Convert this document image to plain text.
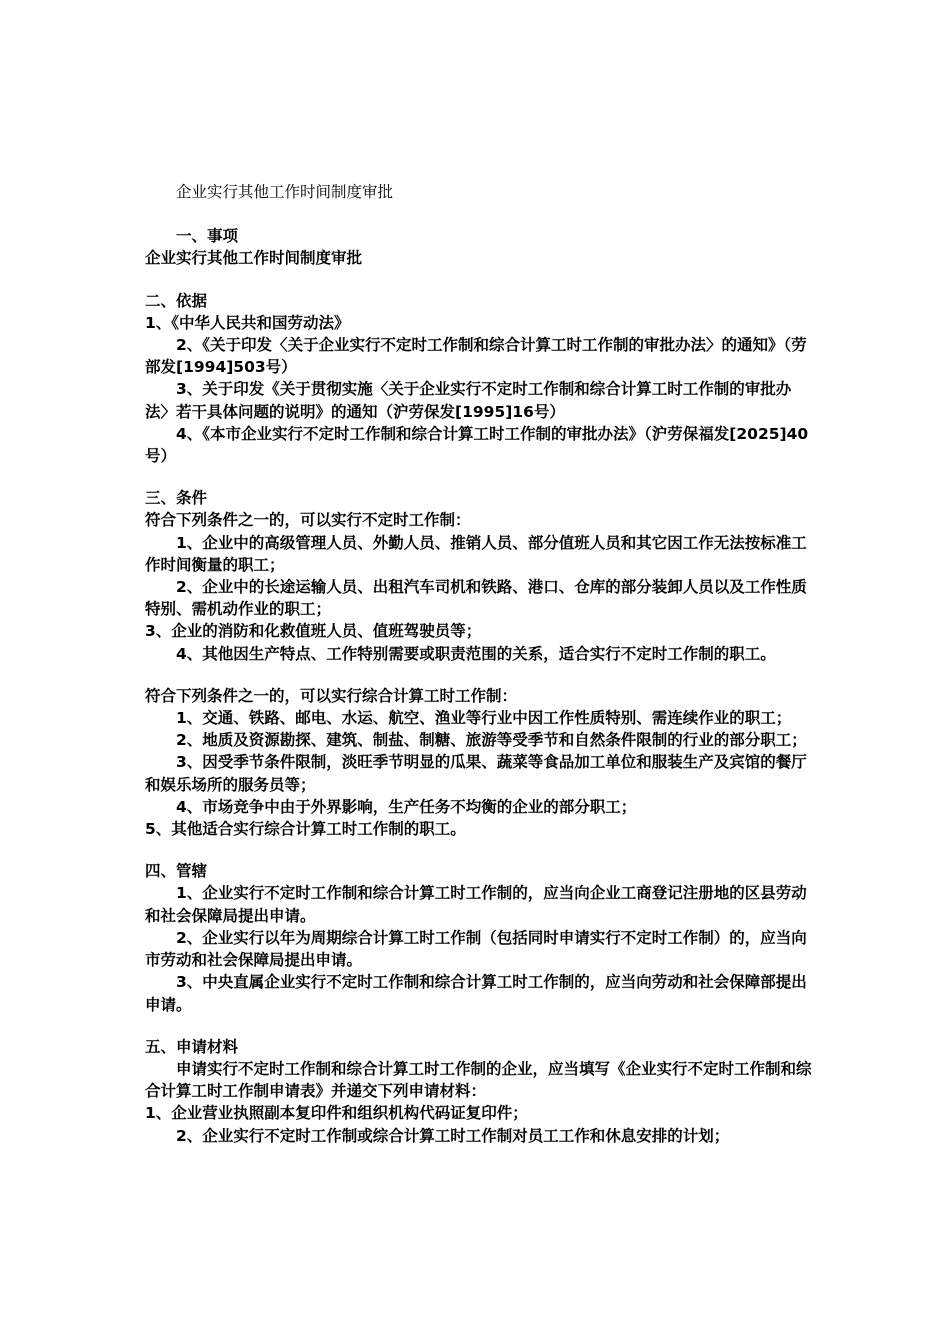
企业实行其他工作时间制度审批

一、事项

企业实行其他工作时间制度审批

二、依据

1、《中华人民共和国劳动法》

2、《关于印发〈关于企业实行不定时工作制和综合计算工时工作制的审批办法〉的通知》（劳部发[1994]503号）

3、关于印发《关于贯彻实施〈关于企业实行不定时工作制和综合计算工时工作制的审批办法〉若干具体问题的说明》的通知（沪劳保发[1995]16号）

4、《本市企业实行不定时工作制和综合计算工时工作制的审批办法》（沪劳保福发[2025]40号）

三、条件

符合下列条件之一的，可以实行不定时工作制：

1、企业中的高级管理人员、外勤人员、推销人员、部分值班人员和其它因工作无法按标准工作时间衡量的职工；

2、企业中的长途运输人员、出租汽车司机和铁路、港口、仓库的部分装卸人员以及工作性质特别、需机动作业的职工；

3、企业的消防和化救值班人员、值班驾驶员等；

4、其他因生产特点、工作特别需要或职责范围的关系，适合实行不定时工作制的职工。

符合下列条件之一的，可以实行综合计算工时工作制：

1、交通、铁路、邮电、水运、航空、渔业等行业中因工作性质特别、需连续作业的职工；

2、地质及资源勘探、建筑、制盐、制糖、旅游等受季节和自然条件限制的行业的部分职工；

3、因受季节条件限制，淡旺季节明显的瓜果、蔬菜等食品加工单位和服装生产及宾馆的餐厅和娱乐场所的服务员等；

4、市场竞争中由于外界影响，生产任务不均衡的企业的部分职工；

5、其他适合实行综合计算工时工作制的职工。

四、管辖

1、企业实行不定时工作制和综合计算工时工作制的，应当向企业工商登记注册地的区县劳动和社会保障局提出申请。

2、企业实行以年为周期综合计算工时工作制（包括同时申请实行不定时工作制）的，应当向市劳动和社会保障局提出申请。

3、中央直属企业实行不定时工作制和综合计算工时工作制的，应当向劳动和社会保障部提出申请。

五、申请材料

申请实行不定时工作制和综合计算工时工作制的企业，应当填写《企业实行不定时工作制和综合计算工时工作制申请表》并递交下列申请材料：

1、企业营业执照副本复印件和组织机构代码证复印件；

2、企业实行不定时工作制或综合计算工时工作制对员工工作和休息安排的计划；
